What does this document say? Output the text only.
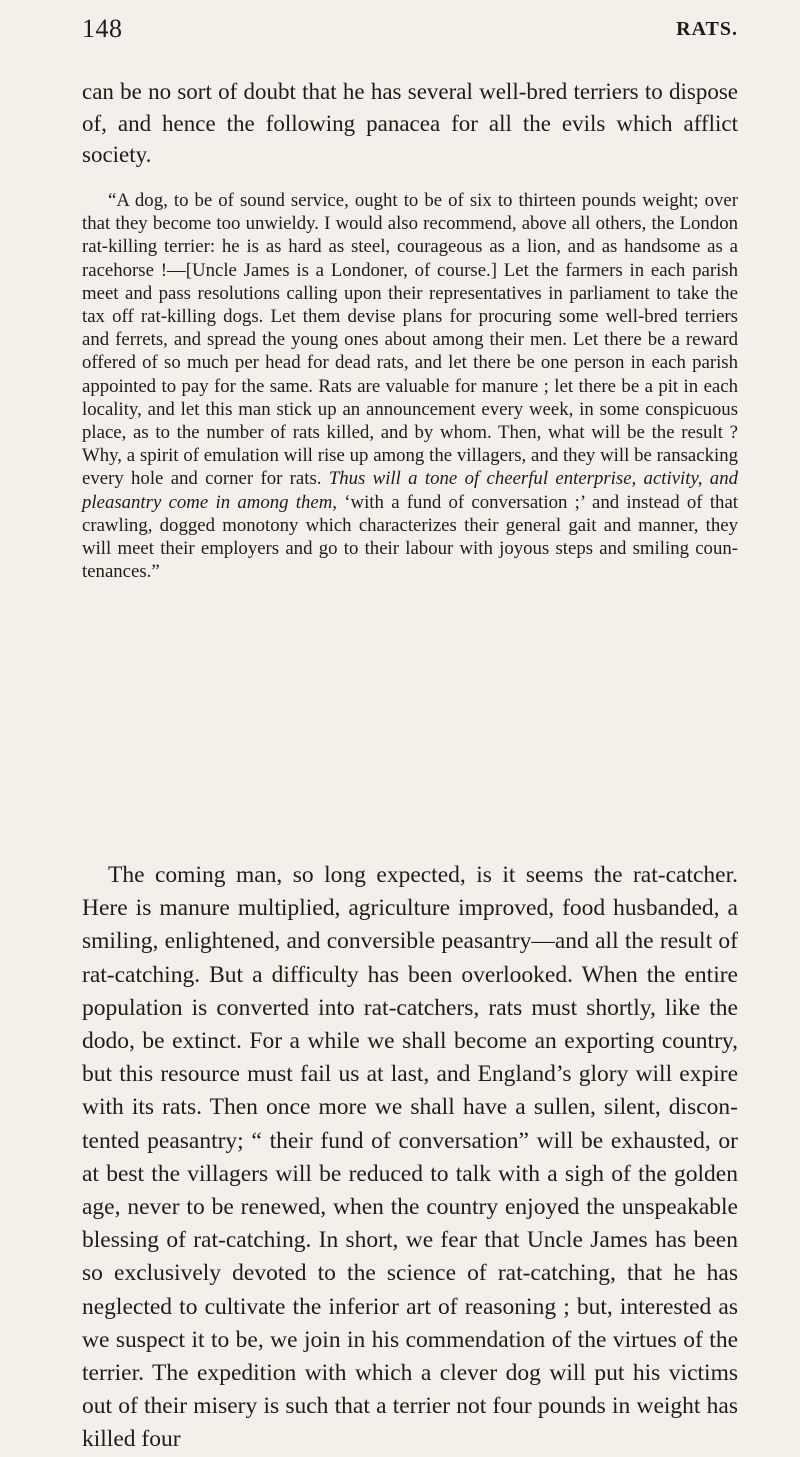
148	RATS.

can be no sort of doubt that he has several well-bred terriers to dispose of, and hence the following panacea for all the evils which afflict society.

“A dog, to be of sound service, ought to be of six to thirteen pounds weight; over that they become too unwieldy. I would also recommend, above all others, the London rat-killing terrier: he is as hard as steel, courageous as a lion, and as handsome as a racehorse !—[Uncle James is a Londoner, of course.] Let the farmers in each parish meet and pass resolutions calling upon their representatives in parliament to take the tax off rat-killing dogs. Let them devise plans for procuring some well-bred terriers and ferrets, and spread the young ones about among their men. Let there be a reward offered of so much per head for dead rats, and let there be one person in each parish appointed to pay for the same. Rats are valuable for manure ; let there be a pit in each locality, and let this man stick up an announcement every week, in some conspicuous place, as to the number of rats killed, and by whom. Then, what will be the result ? Why, a spirit of emulation will rise up among the villagers, and they will be ransacking every hole and corner for rats. Thus will a tone of cheerful enterprise, activity, and pleasantry come in among them, ‘with a fund of conversation ;’ and instead of that crawling, dogged monotony which characterizes their general gait and manner, they will meet their employers and go to their labour with joyous steps and smiling countenances.”

The coming man, so long expected, is it seems the rat-catcher. Here is manure multiplied, agriculture improved, food husbanded, a smiling, enlightened, and conversible peasantry—and all the result of rat-catching. But a difficulty has been overlooked. When the entire population is converted into rat-catchers, rats must shortly, like the dodo, be extinct. For a while we shall become an exporting country, but this resource must fail us at last, and England’s glory will expire with its rats. Then once more we shall have a sullen, silent, discontented peasantry; “ their fund of conversation” will be exhausted, or at best the villagers will be reduced to talk with a sigh of the golden age, never to be renewed, when the country enjoyed the unspeakable blessing of rat-catching. In short, we fear that Uncle James has been so exclusively devoted to the science of rat-catching, that he has neglected to cultivate the inferior art of reasoning ; but, interested as we suspect it to be, we join in his commendation of the virtues of the terrier. The expedition with which a clever dog will put his victims out of their misery is such that a terrier not four pounds in weight has killed four
